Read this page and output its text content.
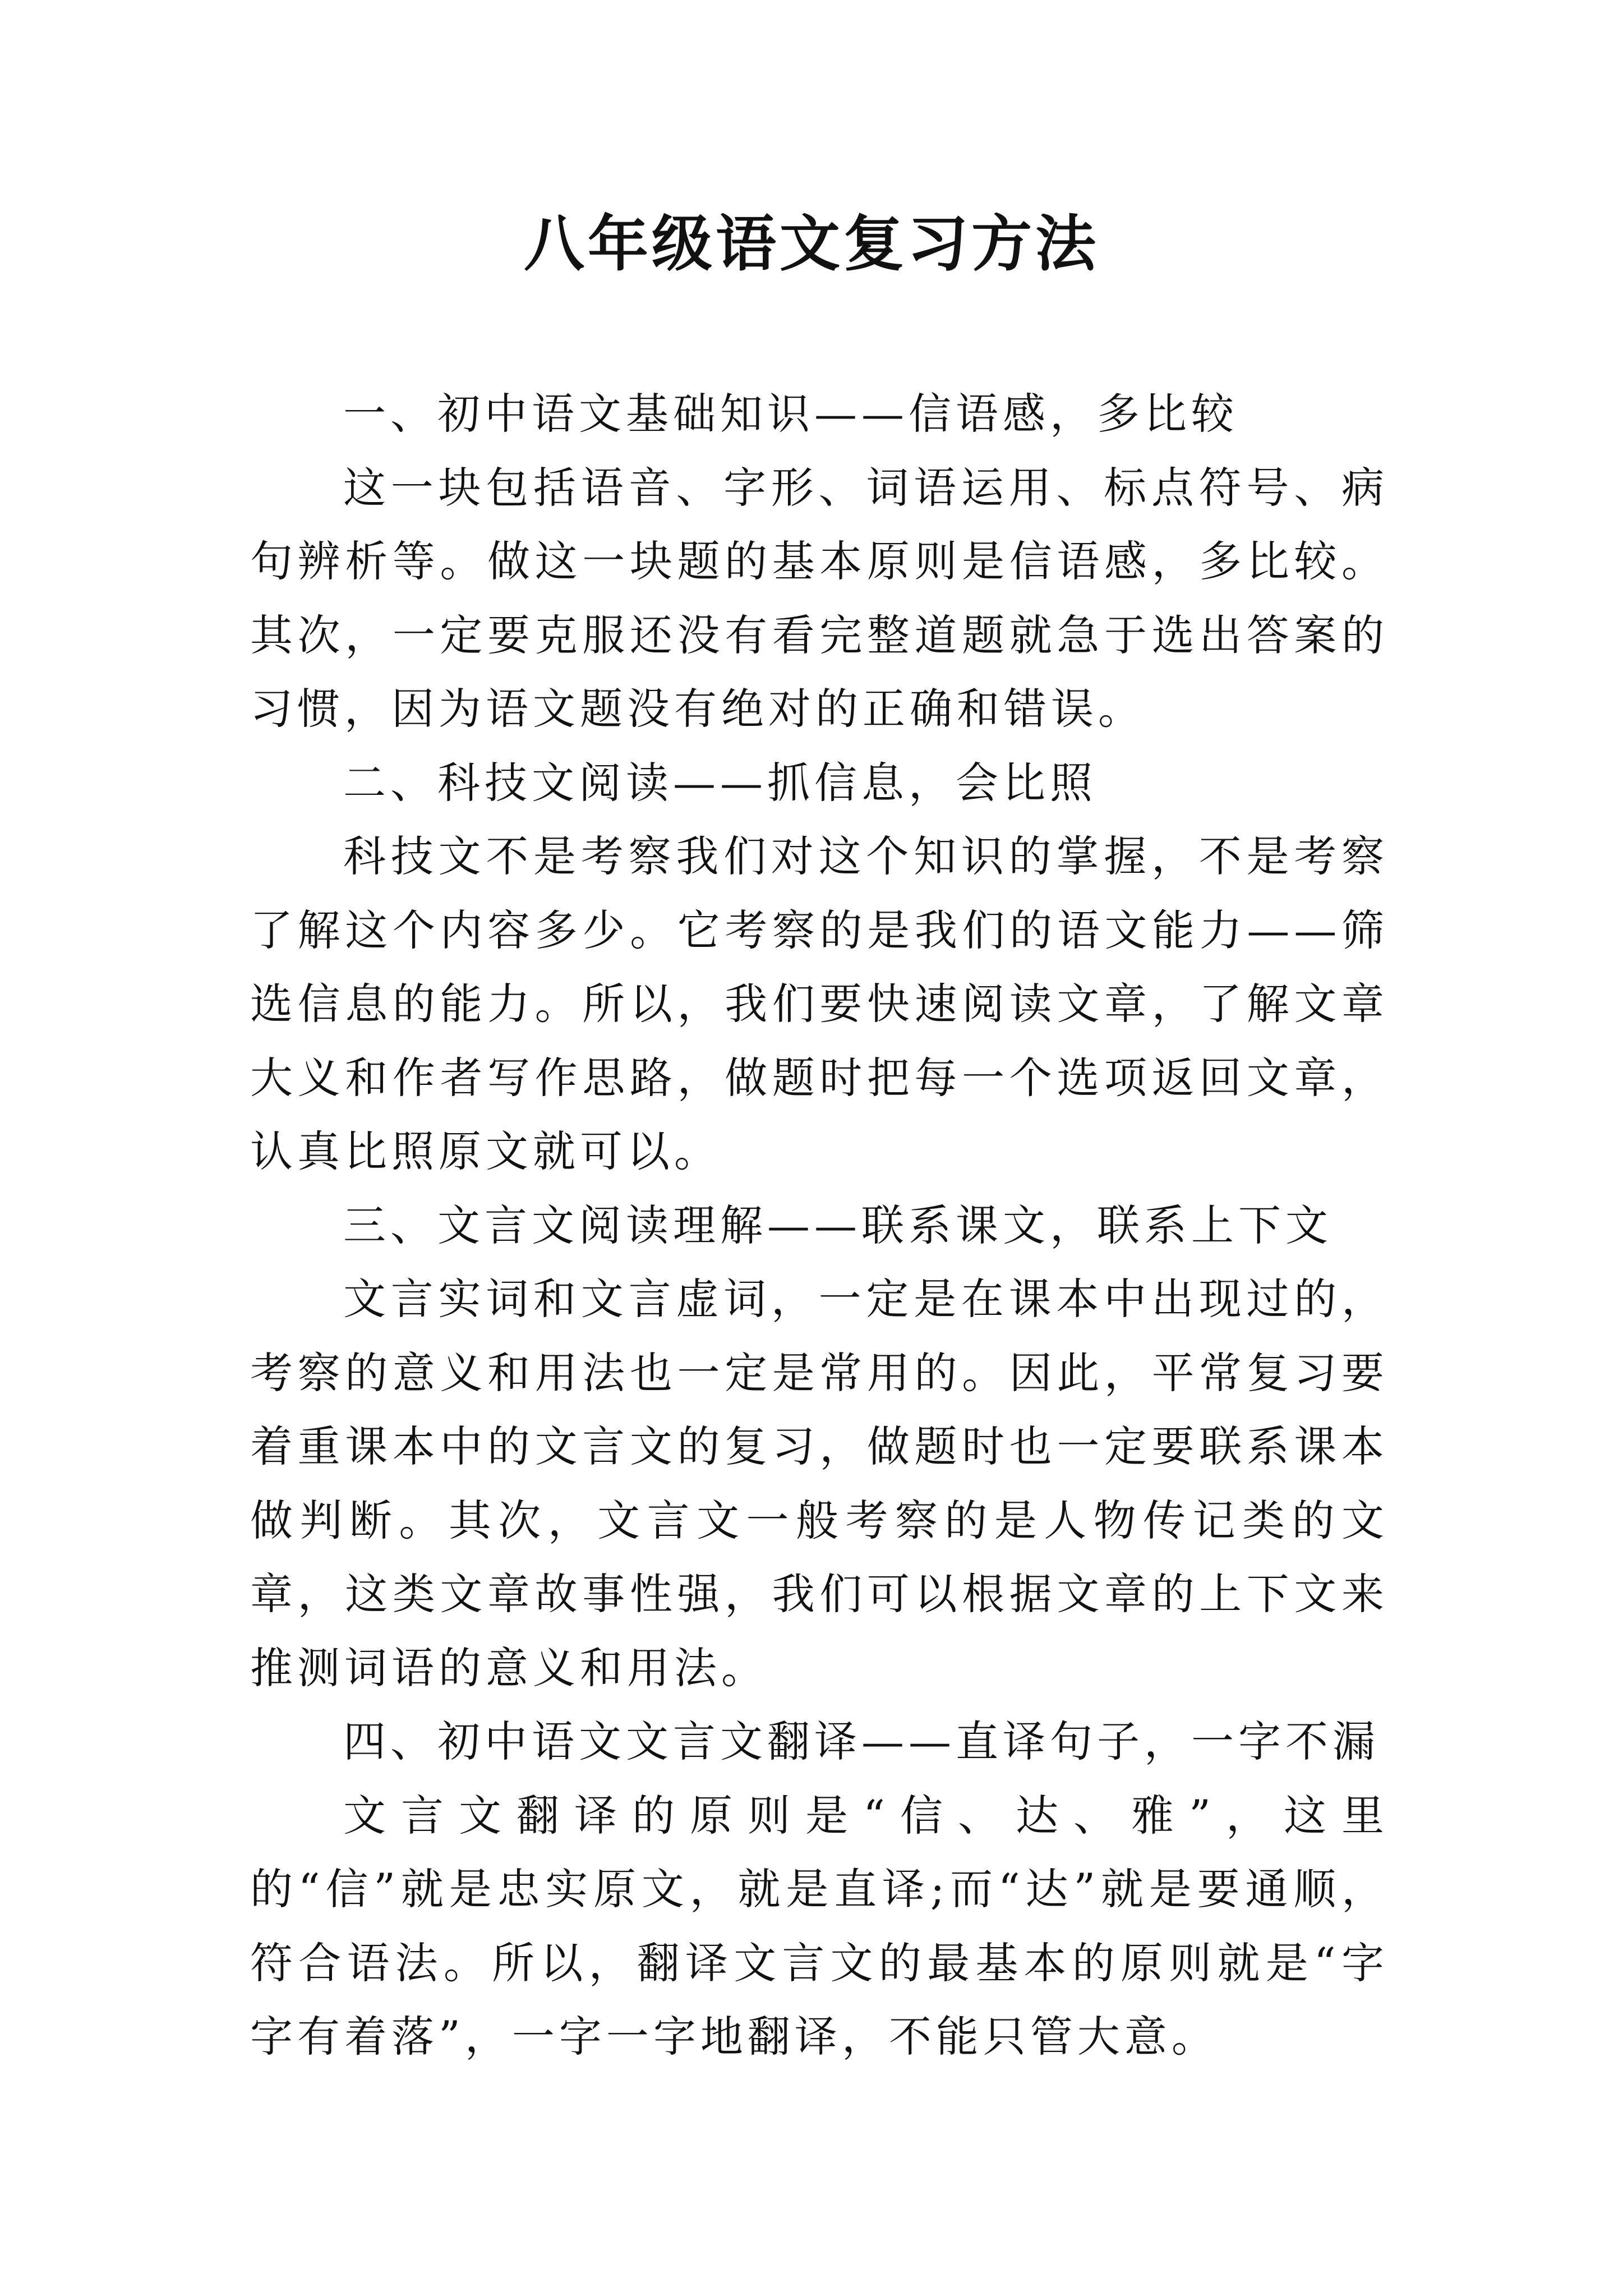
八年级语文复习方法

一、初中语文基础知识——信语感，多比较

这一块包括语音、字形、词语运用、标点符号、病句辨析等。做这一块题的基本原则是信语感，多比较。其次，一定要克服还没有看完整道题就急于选出答案的习惯，因为语文题没有绝对的正确和错误。

二、科技文阅读——抓信息，会比照

科技文不是考察我们对这个知识的掌握，不是考察了解这个内容多少。它考察的是我们的语文能力——筛选信息的能力。所以，我们要快速阅读文章，了解文章大义和作者写作思路，做题时把每一个选项返回文章，认真比照原文就可以。

三、文言文阅读理解——联系课文，联系上下文

文言实词和文言虚词，一定是在课本中出现过的，考察的意义和用法也一定是常用的。因此，平常复习要着重课本中的文言文的复习，做题时也一定要联系课本做判断。其次，文言文一般考察的是人物传记类的文章，这类文章故事性强，我们可以根据文章的上下文来推测词语的意义和用法。

四、初中语文文言文翻译——直译句子，一字不漏

文言文翻译的原则是“信、达、雅”，这里的“信”就是忠实原文，就是直译;而“达”就是要通顺，符合语法。所以，翻译文言文的最基本的原则就是“字字有着落”，一字一字地翻译，不能只管大意。
